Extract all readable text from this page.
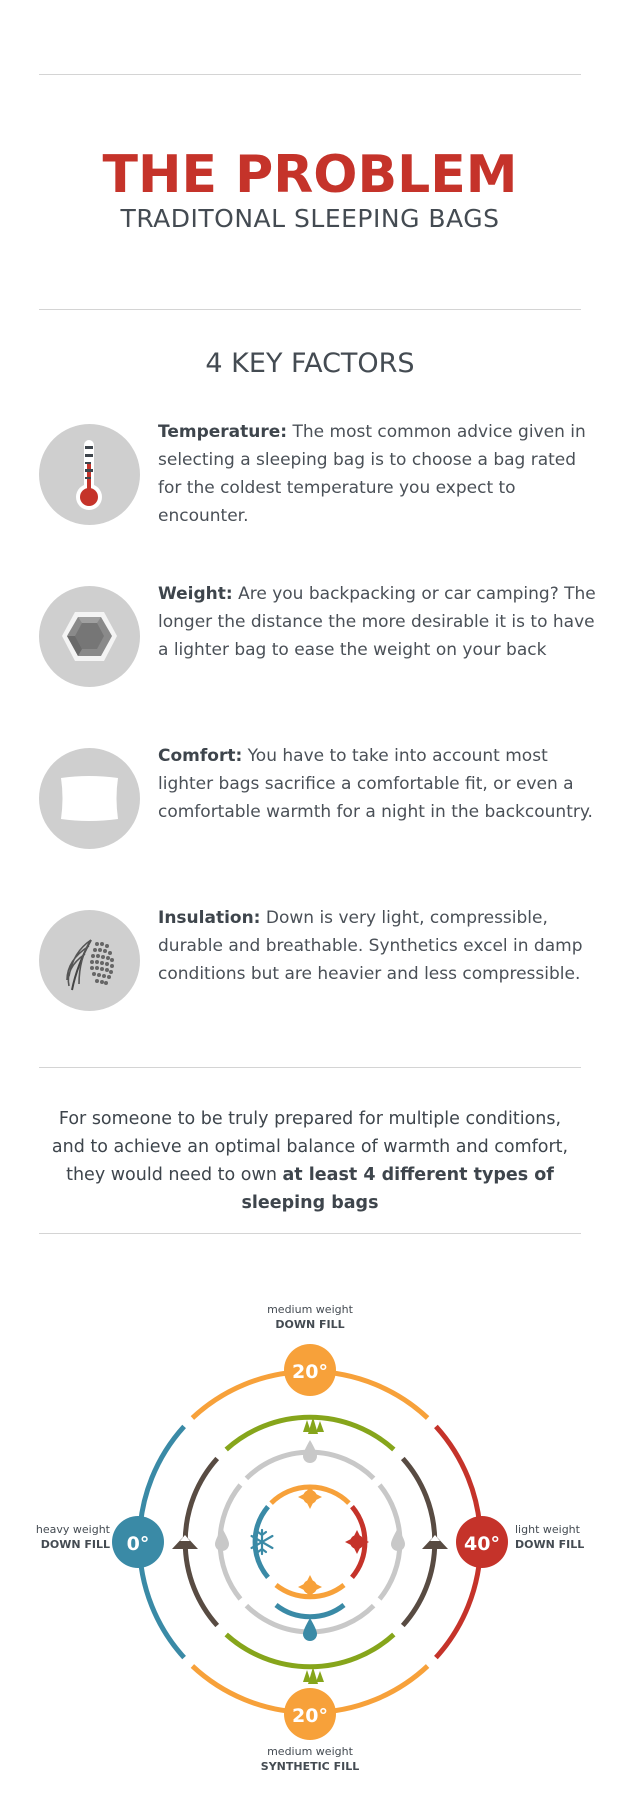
THE PROBLEM
TRADITONAL SLEEPING BAGS
4 KEY FACTORS
Temperature: The most common advice given in selecting a sleeping bag is to choose a bag rated for the coldest temperature you expect to encounter.
Weight: Are you backpacking or car camping? The longer the distance the more desirable it is to have a lighter bag to ease the weight on your back
Comfort: You have to take into account most lighter bags sacrifice a comfortable fit, or even a comfortable warmth for a night in the backcountry.
Insulation: Down is very light, compressible, durable and breathable. Synthetics excel in damp conditions but are heavier and less compressible.
For someone to be truly prepared for multiple conditions, and to achieve an optimal balance of warmth and comfort, they would need to own at least 4 different types of sleeping bags
20°
20°
0°	40°
medium weight
DOWN FILL
heavy weight
DOWN FILL
light weight
DOWN FILL
medium weight
SYNTHETIC FILL
